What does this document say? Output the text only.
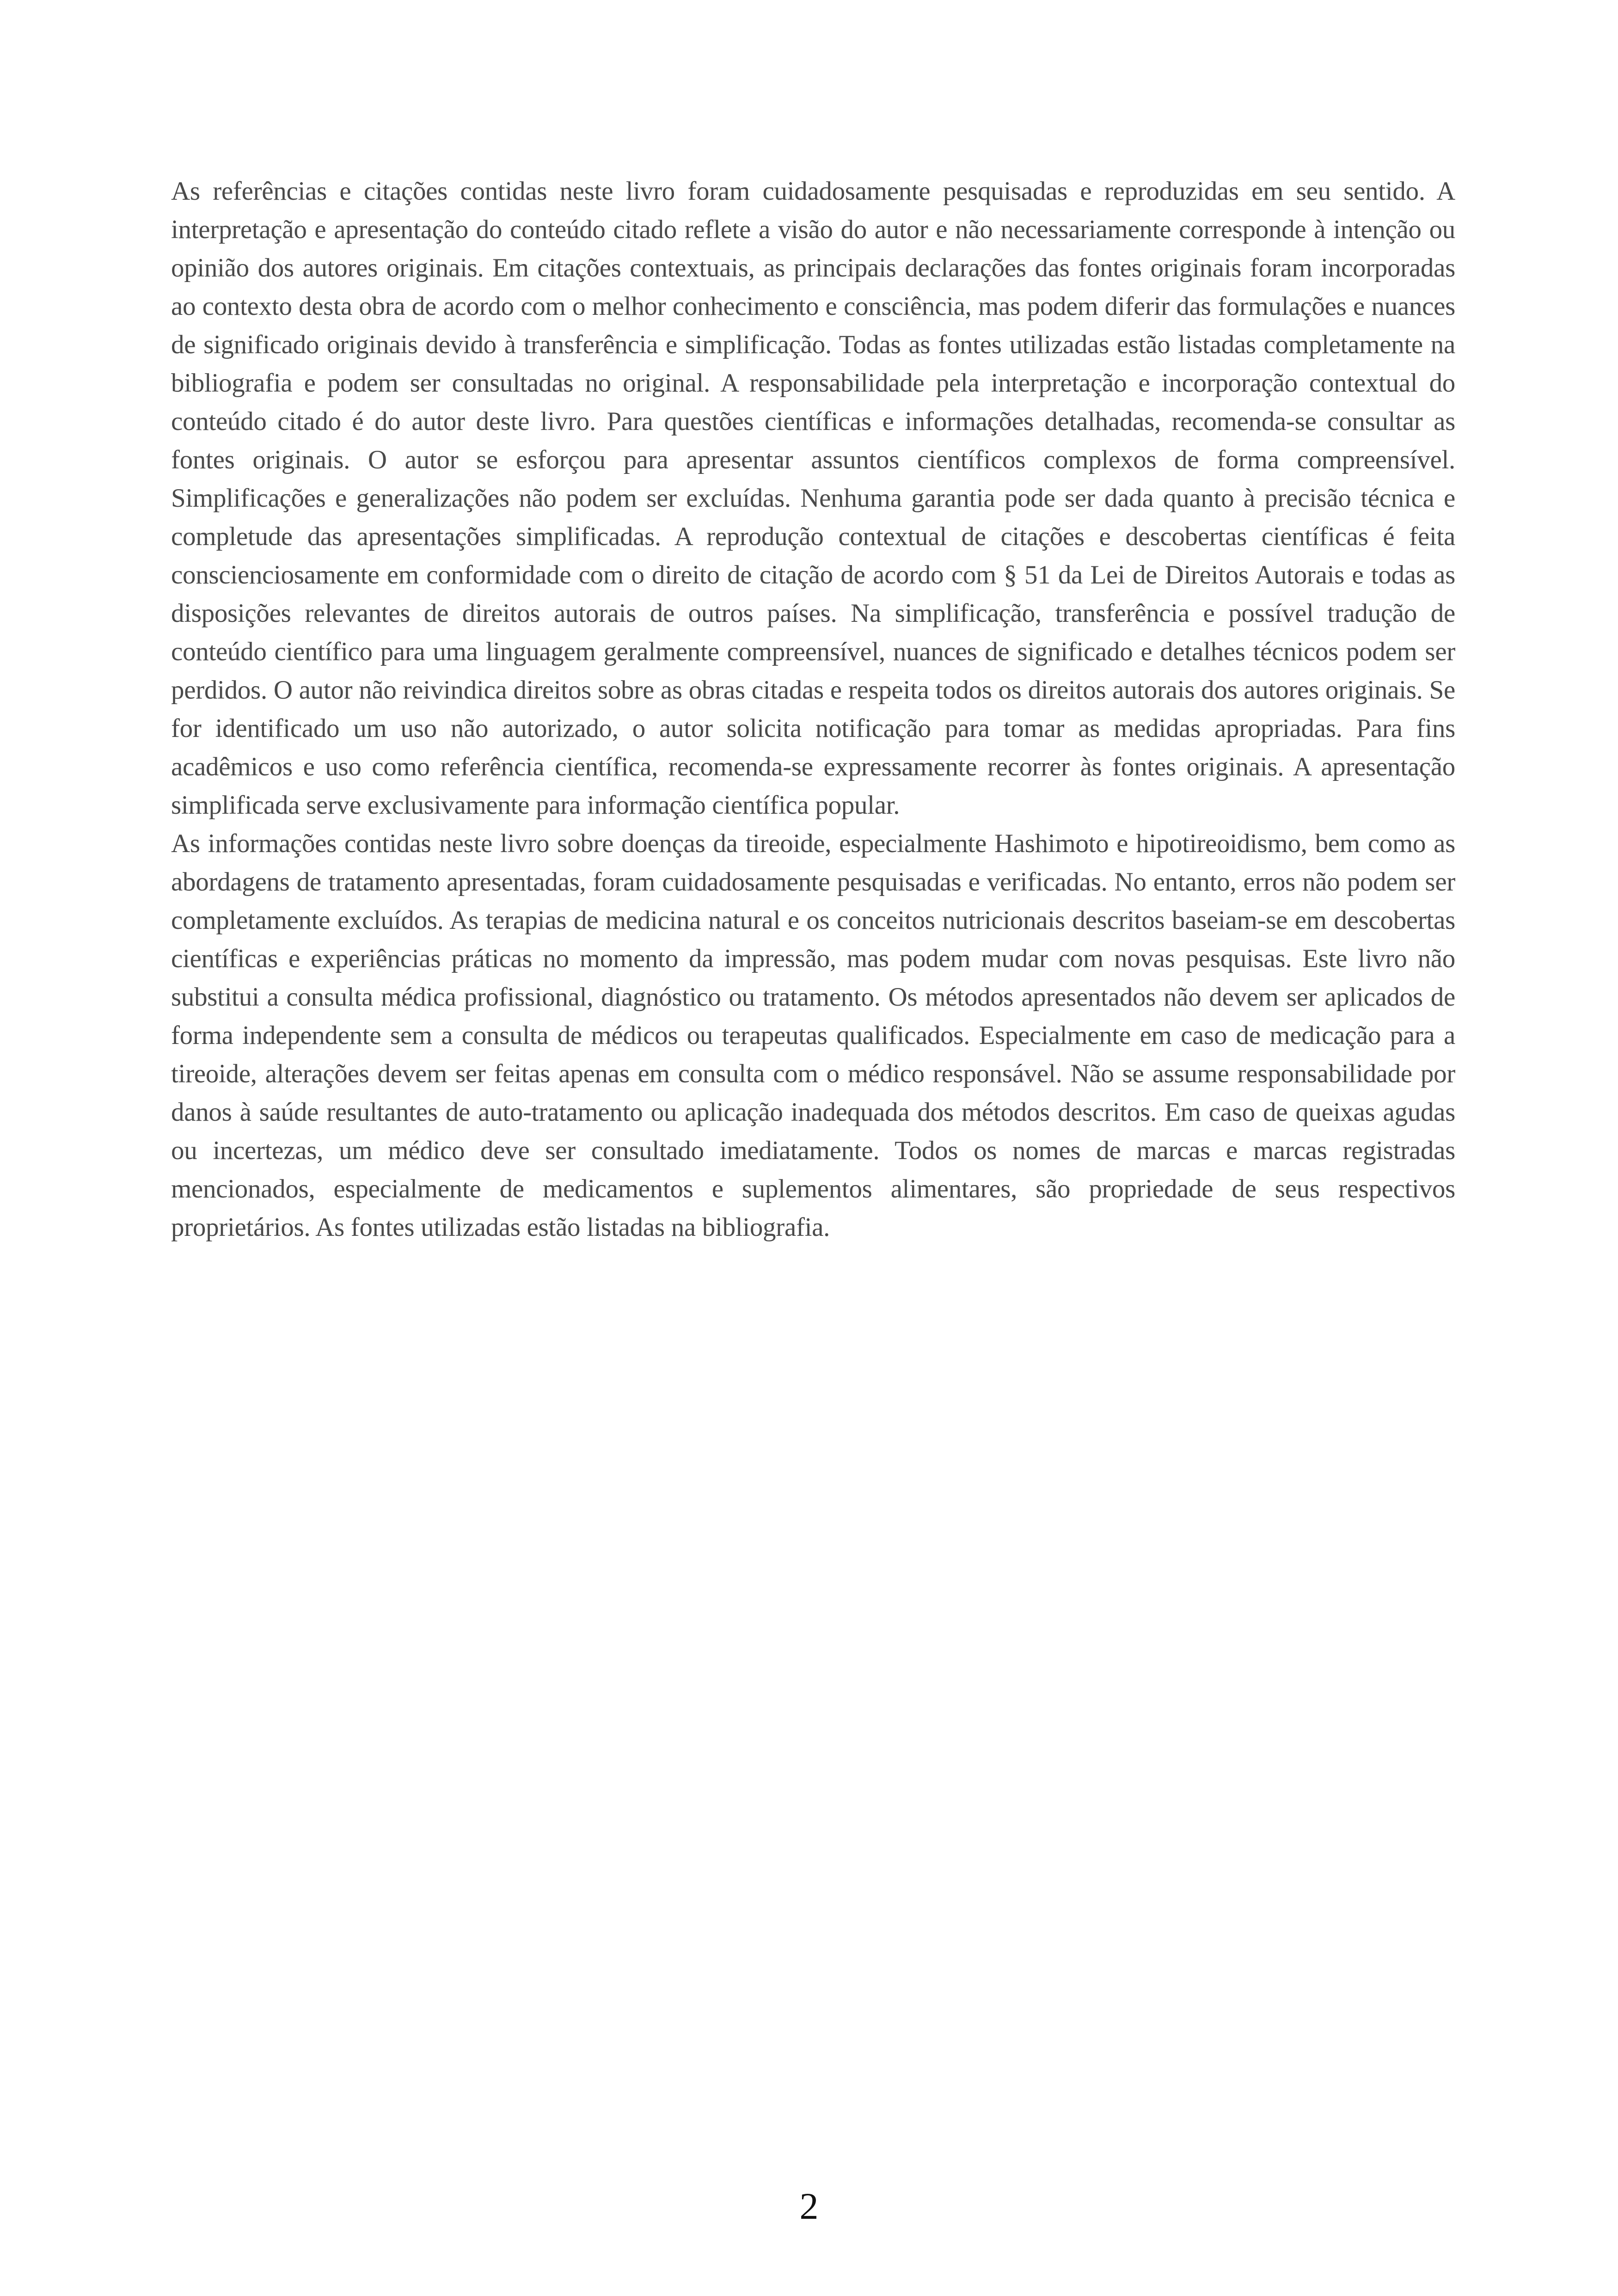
As referências e citações contidas neste livro foram cuidadosamente pesquisadas e reproduzidas em seu sentido. A interpretação e apresentação do conteúdo citado reflete a visão do autor e não necessariamente corresponde à intenção ou opinião dos autores originais. Em citações contextuais, as principais declarações das fontes originais foram incorporadas ao contexto desta obra de acordo com o melhor conhecimento e consciência, mas podem diferir das formulações e nuances de significado originais devido à transferência e simplificação. Todas as fontes utilizadas estão listadas completamente na bibliografia e podem ser consultadas no original. A responsabilidade pela interpretação e incorporação contextual do conteúdo citado é do autor deste livro. Para questões científicas e informações detalhadas, recomenda-se consultar as fontes originais. O autor se esforçou para apresentar assuntos científicos complexos de forma compreensível. Simplificações e generalizações não podem ser excluídas. Nenhuma garantia pode ser dada quanto à precisão técnica e completude das apresentações simplificadas. A reprodução contextual de citações e descobertas científicas é feita conscienciosamente em conformidade com o direito de citação de acordo com § 51 da Lei de Direitos Autorais e todas as disposições relevantes de direitos autorais de outros países. Na simplificação, transferência e possível tradução de conteúdo científico para uma linguagem geralmente compreensível, nuances de significado e detalhes técnicos podem ser perdidos. O autor não reivindica direitos sobre as obras citadas e respeita todos os direitos autorais dos autores originais. Se for identificado um uso não autorizado, o autor solicita notificação para tomar as medidas apropriadas. Para fins acadêmicos e uso como referência científica, recomenda-se expressamente recorrer às fontes originais. A apresentação simplificada serve exclusivamente para informação científica popular.

As informações contidas neste livro sobre doenças da tireoide, especialmente Hashimoto e hipotireoidismo, bem como as abordagens de tratamento apresentadas, foram cuidadosamente pesquisadas e verificadas. No entanto, erros não podem ser completamente excluídos. As terapias de medicina natural e os conceitos nutricionais descritos baseiam-se em descobertas científicas e experiências práticas no momento da impressão, mas podem mudar com novas pesquisas. Este livro não substitui a consulta médica profissional, diagnóstico ou tratamento. Os métodos apresentados não devem ser aplicados de forma independente sem a consulta de médicos ou terapeutas qualificados. Especialmente em caso de medicação para a tireoide, alterações devem ser feitas apenas em consulta com o médico responsável. Não se assume responsabilidade por danos à saúde resultantes de auto-tratamento ou aplicação inadequada dos métodos descritos. Em caso de queixas agudas ou incertezas, um médico deve ser consultado imediatamente. Todos os nomes de marcas e marcas registradas mencionados, especialmente de medicamentos e suplementos alimentares, são propriedade de seus respectivos proprietários. As fontes utilizadas estão listadas na bibliografia.

2
